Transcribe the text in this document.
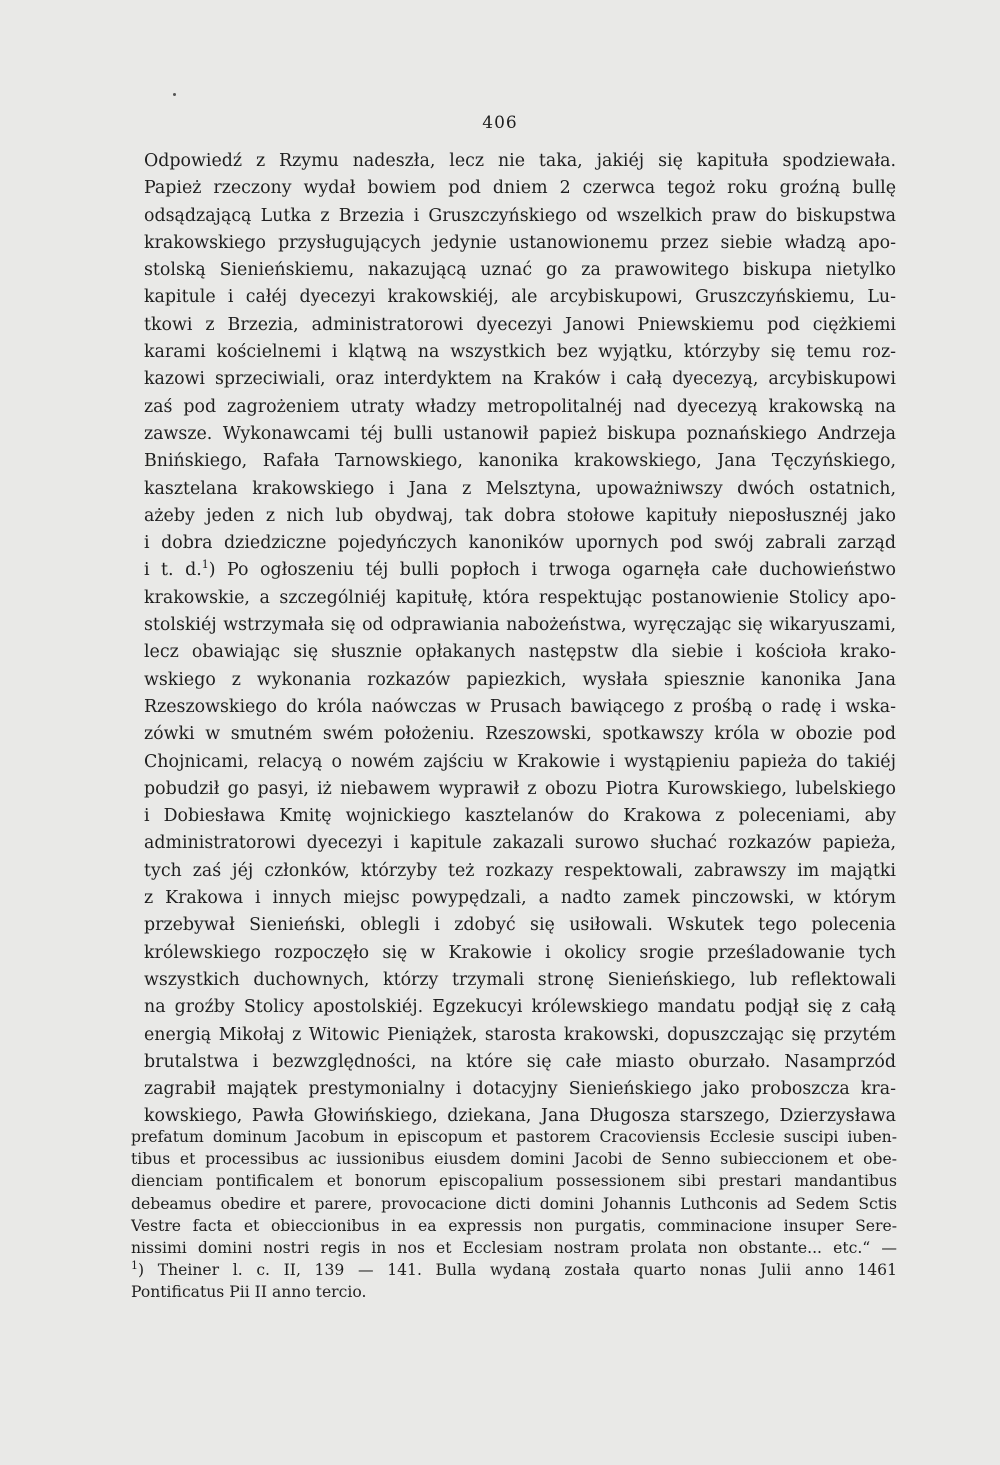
406
Odpowiedź z Rzymu nadeszła, lecz nie taka, jakiéj się kapituła spodziewała.
Papież rzeczony wydał bowiem pod dniem 2 czerwca tegoż roku groźną bullę
odsądzającą Lutka z Brzezia i Gruszczyńskiego od wszelkich praw do biskupstwa
krakowskiego przysługujących jedynie ustanowionemu przez siebie władzą apo-
stolską Sienieńskiemu, nakazującą uznać go za prawowitego biskupa nietylko
kapitule i całéj dyecezyi krakowskiéj, ale arcybiskupowi, Gruszczyńskiemu, Lu-
tkowi z Brzezia, administratorowi dyecezyi Janowi Pniewskiemu pod ciężkiemi
karami kościelnemi i klątwą na wszystkich bez wyjątku, którzyby się temu roz-
kazowi sprzeciwiali, oraz interdyktem na Kraków i całą dyecezyą, arcybiskupowi
zaś pod zagrożeniem utraty władzy metropolitalnéj nad dyecezyą krakowską na
zawsze. Wykonawcami téj bulli ustanowił papież biskupa poznańskiego Andrzeja
Bnińskiego, Rafała Tarnowskiego, kanonika krakowskiego, Jana Tęczyńskiego,
kasztelana krakowskiego i Jana z Melsztyna, upoważniwszy dwóch ostatnich,
ażeby jeden z nich lub obydwaj, tak dobra stołowe kapituły nieposłusznéj jako
i dobra dziedziczne pojedyńczych kanoników upornych pod swój zabrali zarząd
i t. d.$^1$) Po ogłoszeniu téj bulli popłoch i trwoga ogarnęła całe duchowieństwo
krakowskie, a szczególniéj kapitułę, która respektując postanowienie Stolicy apo-
stolskiéj wstrzymała się od odprawiania nabożeństwa, wyręczając się wikaryuszami,
lecz obawiając się słusznie opłakanych następstw dla siebie i kościoła krako-
wskiego z wykonania rozkazów papiezkich, wysłała spiesznie kanonika Jana
Rzeszowskiego do króla naówczas w Prusach bawiącego z prośbą o radę i wska-
zówki w smutném swém położeniu. Rzeszowski, spotkawszy króla w obozie pod
Chojnicami, relacyą o nowém zajściu w Krakowie i wystąpieniu papieża do takiéj
pobudził go pasyi, iż niebawem wyprawił z obozu Piotra Kurowskiego, lubelskiego
i Dobiesława Kmitę wojnickiego kasztelanów do Krakowa z poleceniami, aby
administratorowi dyecezyi i kapitule zakazali surowo słuchać rozkazów papieża,
tych zaś jéj członków, którzyby też rozkazy respektowali, zabrawszy im majątki
z Krakowa i innych miejsc powypędzali, a nadto zamek pinczowski, w którym
przebywał Sienieński, oblegli i zdobyć się usiłowali. Wskutek tego polecenia
królewskiego rozpoczęło się w Krakowie i okolicy srogie prześladowanie tych
wszystkich duchownych, którzy trzymali stronę Sienieńskiego, lub reflektowali
na groźby Stolicy apostolskiéj. Egzekucyi królewskiego mandatu podjął się z całą
energią Mikołaj z Witowic Pieniążek, starosta krakowski, dopuszczając się przytém
brutalstwa i bezwzględności, na które się całe miasto oburzało. Nasamprzód
zagrabił majątek prestymonialny i dotacyjny Sienieńskiego jako proboszcza kra-
kowskiego, Pawła Głowińskiego, dziekana, Jana Długosza starszego, Dzierzysława
prefatum dominum Jacobum in episcopum et pastorem Cracoviensis Ecclesie suscipi iuben-
tibus et processibus ac iussionibus eiusdem domini Jacobi de Senno subieccionem et obe-
dienciam pontificalem et bonorum episcopalium possessionem sibi prestari mandantibus
debeamus obedire et parere, provocacione dicti domini Johannis Luthconis ad Sedem Sctis
Vestre facta et obieccionibus in ea expressis non purgatis, comminacione insuper Sere-
nissimi domini nostri regis in nos et Ecclesiam nostram prolata non obstante... etc.“ —
$^1$) Theiner l. c. II, 139 — 141. Bulla wydaną została quarto nonas Julii anno 1461
Pontificatus Pii II anno tercio.
